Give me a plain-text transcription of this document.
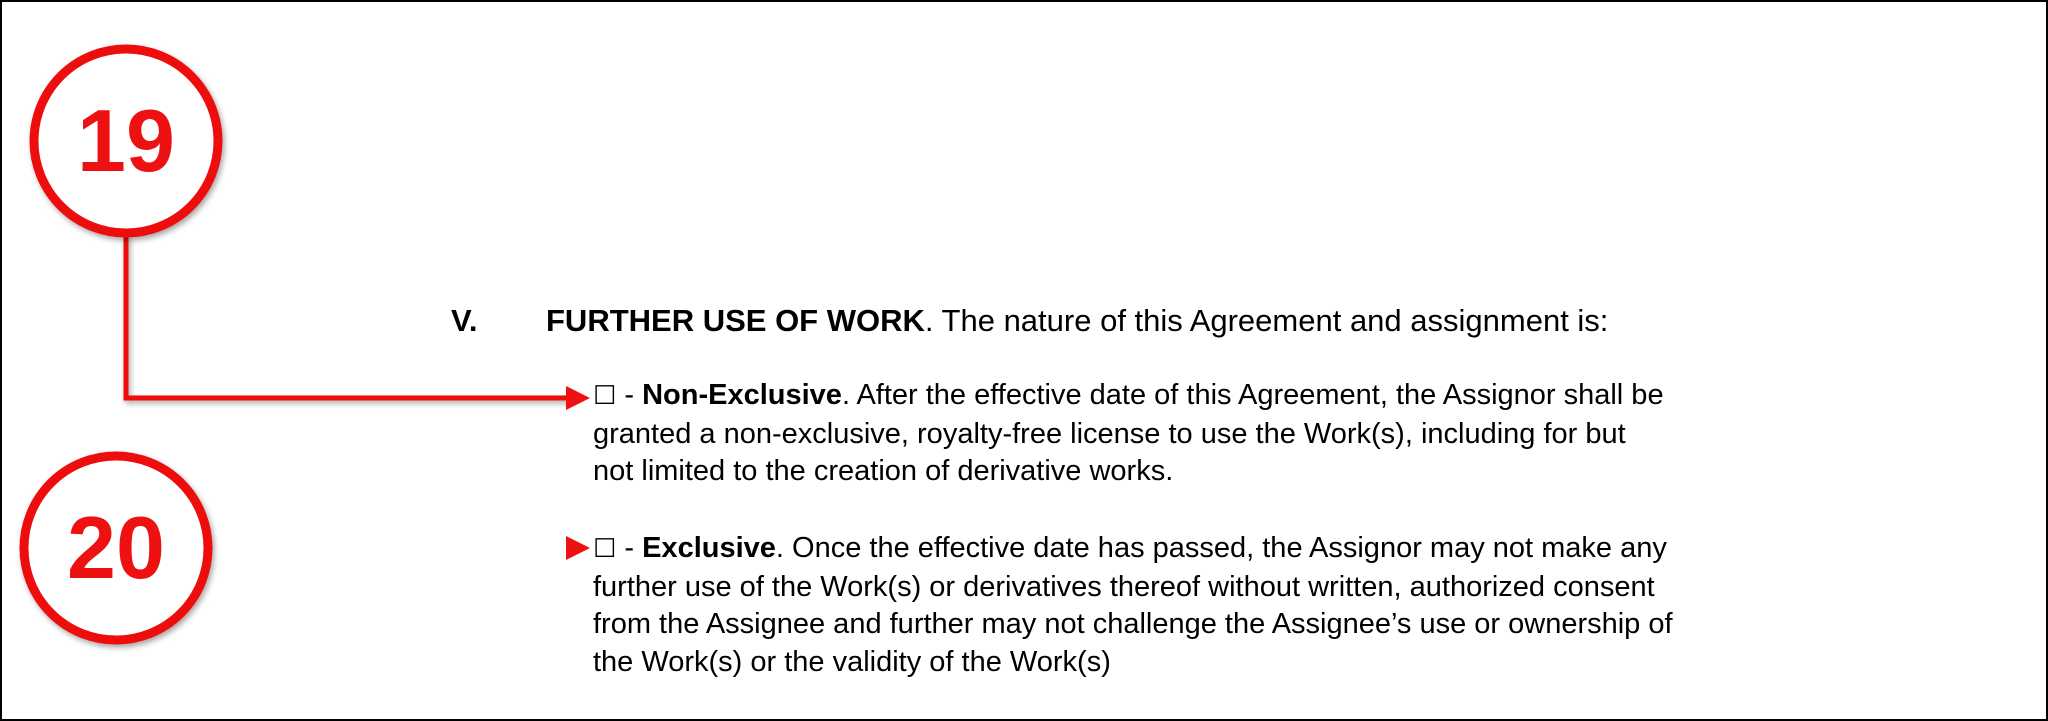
V. FURTHER USE OF WORK. The nature of this Agreement and assignment is:
☐ - Non-Exclusive. After the effective date of this Agreement, the Assignor shall be granted a non-exclusive, royalty-free license to use the Work(s), including for but not limited to the creation of derivative works.
☐ - Exclusive. Once the effective date has passed, the Assignor may not make any further use of the Work(s) or derivatives thereof without written, authorized consent from the Assignee and further may not challenge the Assignee’s use or ownership of the Work(s) or the validity of the Work(s)
19
20
